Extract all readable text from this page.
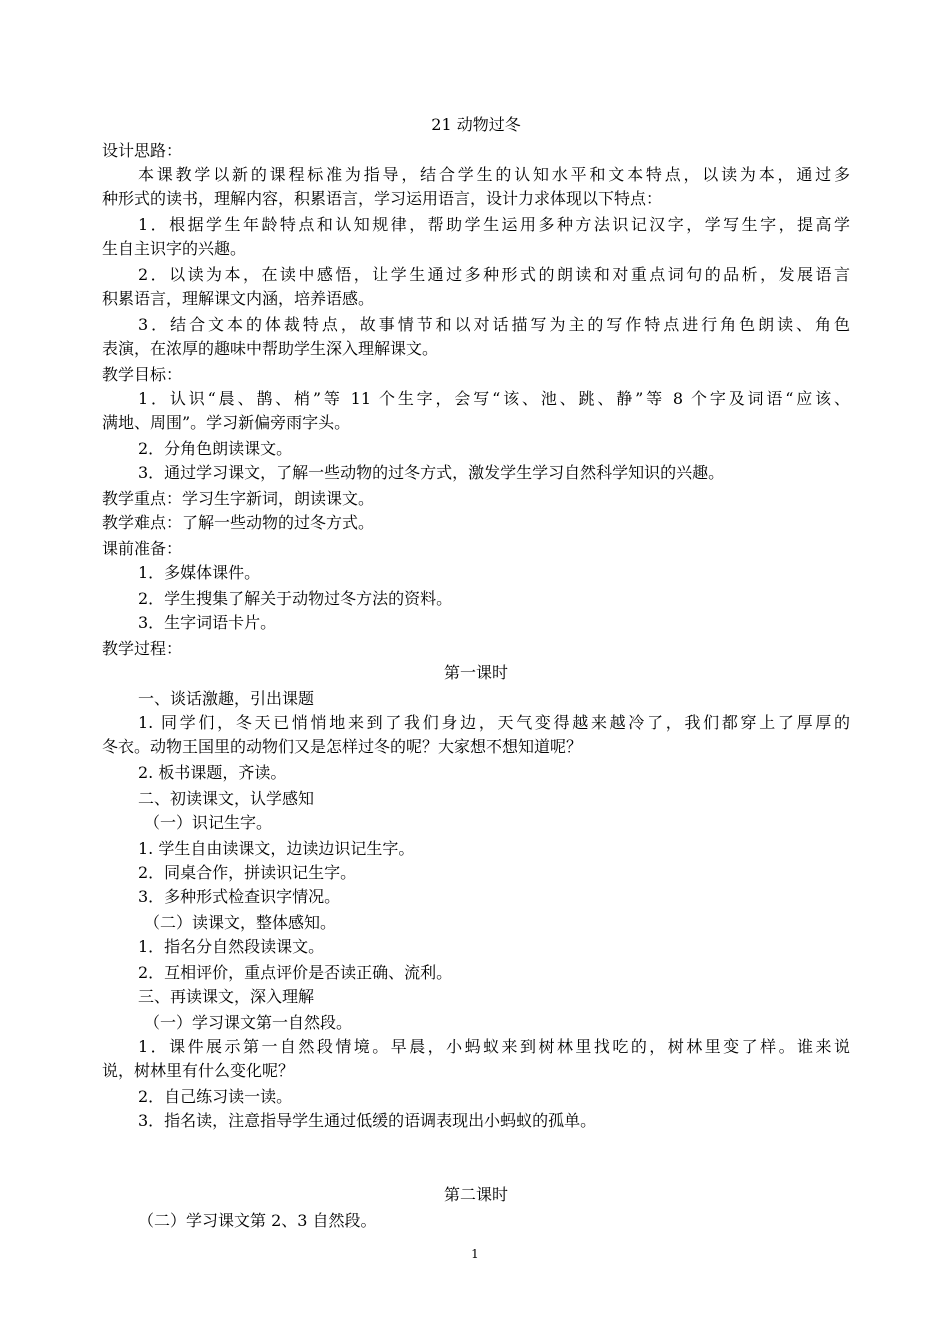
21 动物过冬
设计思路：
本课教学以新的课程标准为指导，结合学生的认知水平和文本特点，以读为本，通过多
种形式的读书，理解内容，积累语言，学习运用语言，设计力求体现以下特点：
1．根据学生年龄特点和认知规律，帮助学生运用多种方法识记汉字，学写生字，提高学
生自主识字的兴趣。
2．以读为本，在读中感悟，让学生通过多种形式的朗读和对重点词句的品析，发展语言
积累语言，理解课文内涵，培养语感。
3．结合文本的体裁特点，故事情节和以对话描写为主的写作特点进行角色朗读、角色
表演，在浓厚的趣味中帮助学生深入理解课文。
教学目标：
1．认识“晨、鹊、梢”等 11 个生字，会写“该、池、跳、静”等 8 个字及词语“应该、
满地、周围”。学习新偏旁雨字头。
2．分角色朗读课文。
3．通过学习课文，了解一些动物的过冬方式，激发学生学习自然科学知识的兴趣。
教学重点：学习生字新词，朗读课文。
教学难点：了解一些动物的过冬方式。
课前准备：
1．多媒体课件。
2．学生搜集了解关于动物过冬方法的资料。
3．生字词语卡片。
教学过程：
第一课时
一、谈话激趣，引出课题
1. 同学们，冬天已悄悄地来到了我们身边，天气变得越来越冷了，我们都穿上了厚厚的
冬衣。动物王国里的动物们又是怎样过冬的呢？大家想不想知道呢？
2. 板书课题，齐读。
二、初读课文，认学感知
（一）识记生字。
1. 学生自由读课文，边读边识记生字。
2．同桌合作，拼读识记生字。
3．多种形式检查识字情况。
（二）读课文，整体感知。
1．指名分自然段读课文。
2．互相评价，重点评价是否读正确、流利。
三、再读课文，深入理解
（一）学习课文第一自然段。
1．课件展示第一自然段情境。早晨，小蚂蚁来到树林里找吃的，树林里变了样。谁来说
说，树林里有什么变化呢？
2．自己练习读一读。
3．指名读，注意指导学生通过低缓的语调表现出小蚂蚁的孤单。
第二课时
（二）学习课文第 2、3 自然段。
1
